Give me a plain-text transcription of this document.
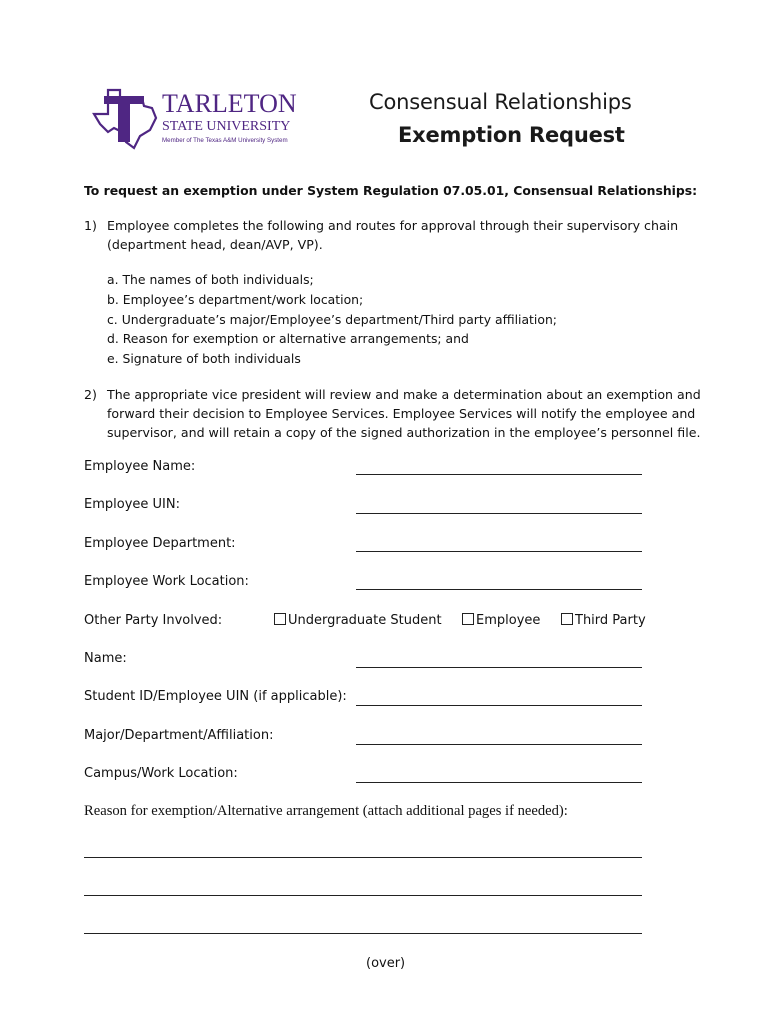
TARLETON
STATE UNIVERSITY
Member of The Texas A&M University System
Consensual Relationships
Exemption Request
To request an exemption under System Regulation 07.05.01, Consensual Relationships:
1) Employee completes the following and routes for approval through their supervisory chain
(department head, dean/AVP, VP).
a. The names of both individuals;
b. Employee’s department/work location;
c. Undergraduate’s major/Employee’s department/Third party affiliation;
d. Reason for exemption or alternative arrangements; and
e. Signature of both individuals
2) The appropriate vice president will review and make a determination about an exemption and
forward their decision to Employee Services. Employee Services will notify the employee and
supervisor, and will retain a copy of the signed authorization in the employee’s personnel file.
Employee Name:
Employee UIN:
Employee Department:
Employee Work Location:
Other Party Involved:	Undergraduate Student	Employee	Third Party
Name:
Student ID/Employee UIN (if applicable):
Major/Department/Affiliation:
Campus/Work Location:
Reason for exemption/Alternative arrangement (attach additional pages if needed):
(over)
